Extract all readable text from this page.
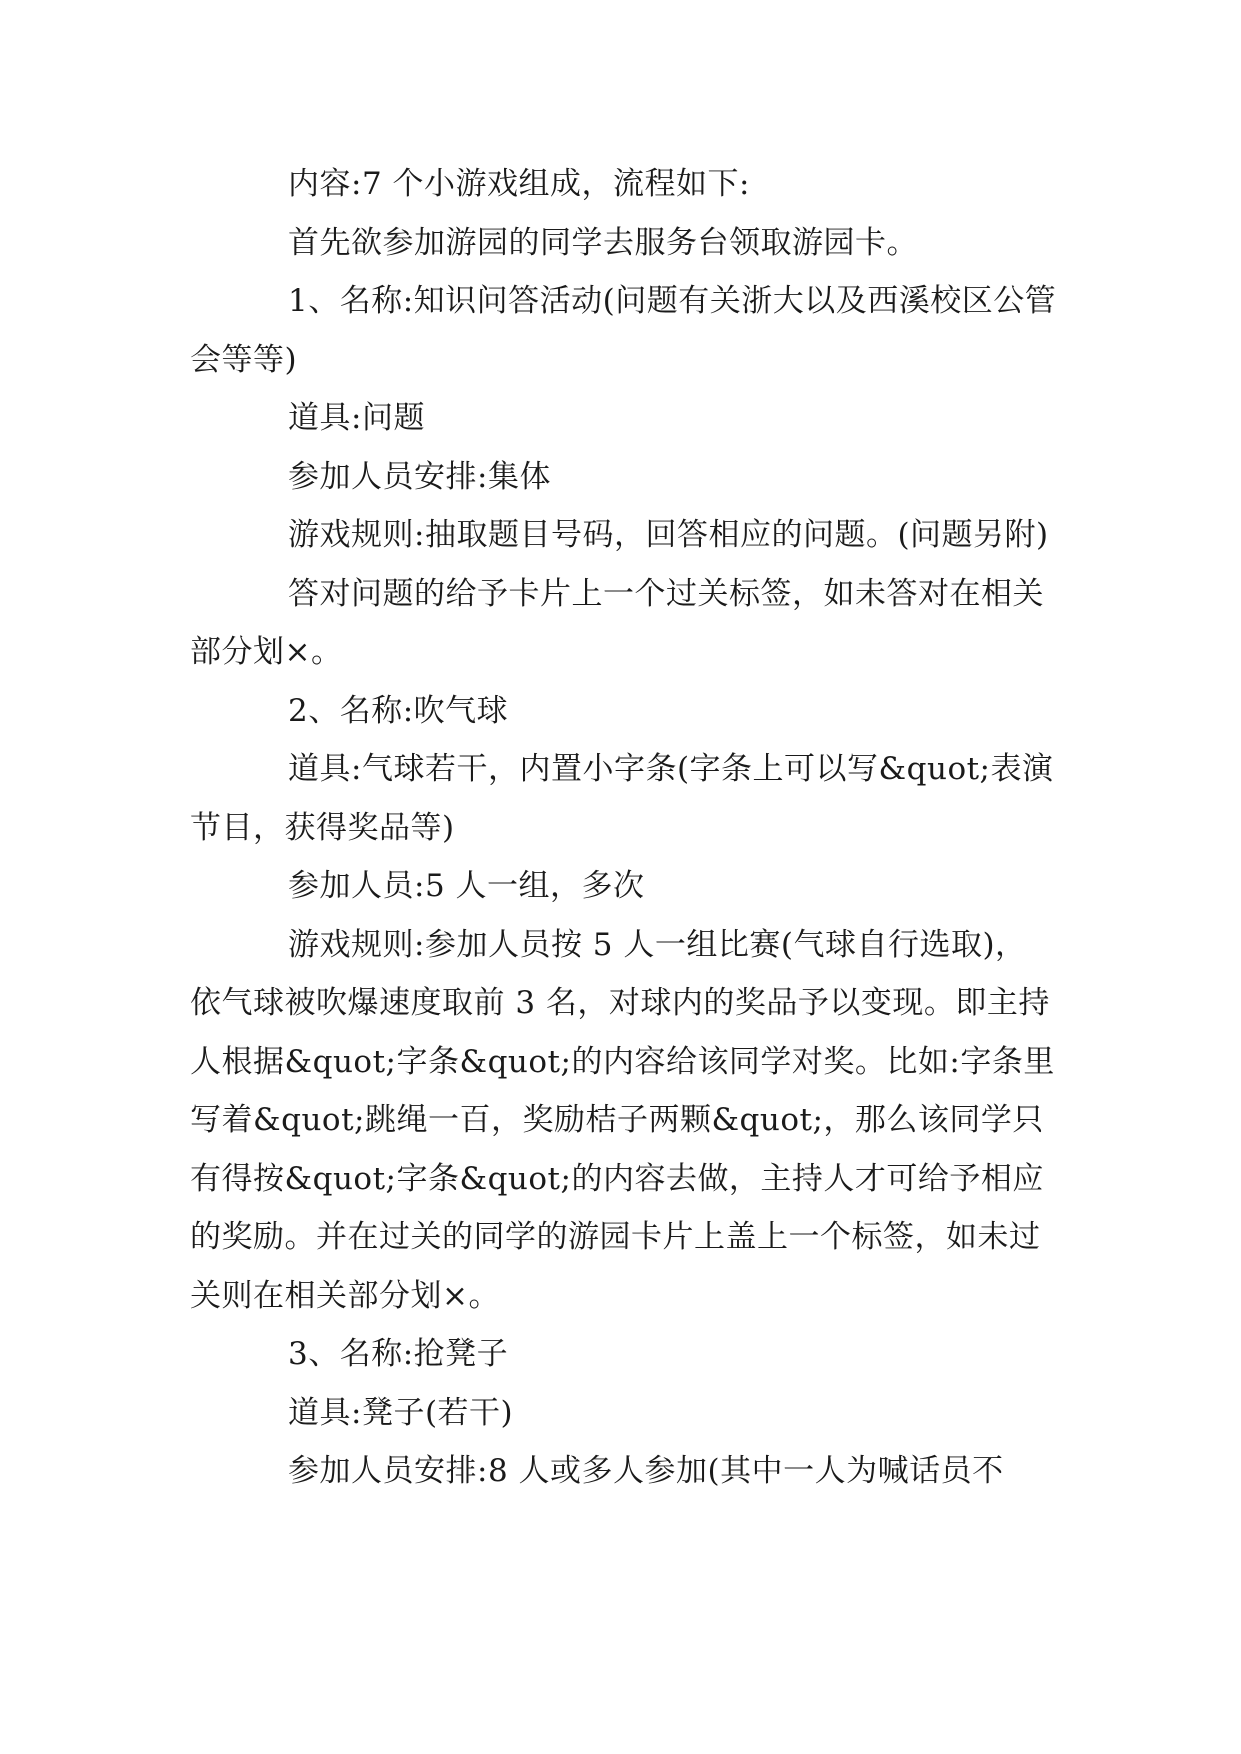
内容:7 个小游戏组成，流程如下:

首先欲参加游园的同学去服务台领取游园卡。

1、名称:知识问答活动(问题有关浙大以及西溪校区公管会等等)

道具:问题

参加人员安排:集体

游戏规则:抽取题目号码，回答相应的问题。(问题另附)

答对问题的给予卡片上一个过关标签，如未答对在相关部分划×。

2、名称:吹气球

道具:气球若干，内置小字条(字条上可以写&quot;表演节目，获得奖品等)

参加人员:5 人一组，多次

游戏规则:参加人员按 5 人一组比赛(气球自行选取)，依气球被吹爆速度取前 3 名，对球内的奖品予以变现。即主持人根据&quot;字条&quot;的内容给该同学对奖。比如:字条里写着&quot;跳绳一百，奖励桔子两颗&quot;，那么该同学只有得按&quot;字条&quot;的内容去做，主持人才可给予相应的奖励。并在过关的同学的游园卡片上盖上一个标签，如未过关则在相关部分划×。

3、名称:抢凳子

道具:凳子(若干)

参加人员安排:8 人或多人参加(其中一人为喊话员不
